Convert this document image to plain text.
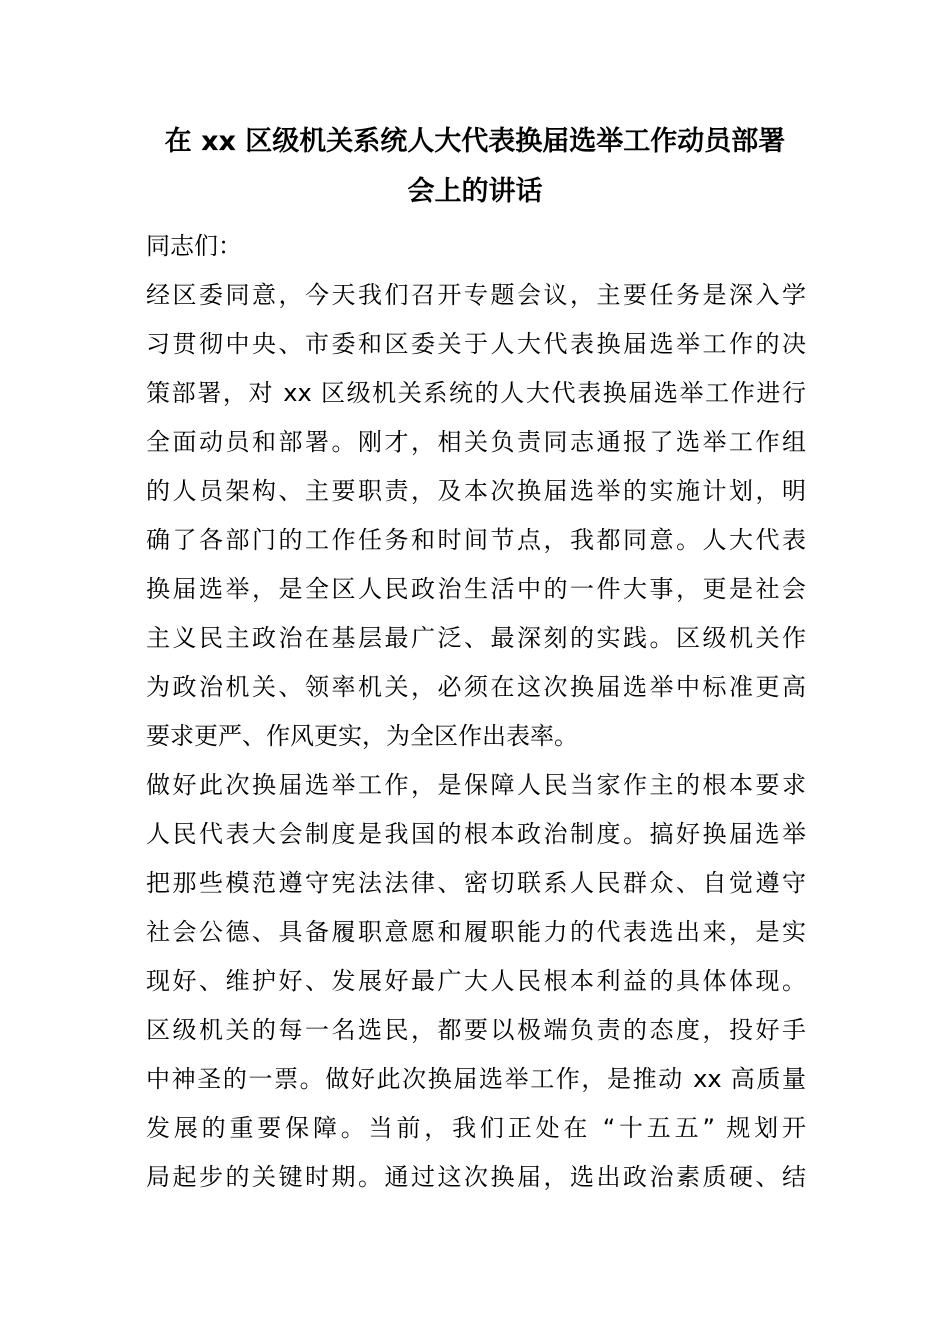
在 xx 区级机关系统人大代表换届选举工作动员部署
会上的讲话
同志们：
经区委同意，今天我们召开专题会议，主要任务是深入学
习贯彻中央、市委和区委关于人大代表换届选举工作的决
策部署，对 xx 区级机关系统的人大代表换届选举工作进行
全面动员和部署。刚才，相关负责同志通报了选举工作组
的人员架构、主要职责，及本次换届选举的实施计划，明
确了各部门的工作任务和时间节点，我都同意。人大代表
换届选举，是全区人民政治生活中的一件大事，更是社会
主义民主政治在基层最广泛、最深刻的实践。区级机关作
为政治机关、领率机关，必须在这次换届选举中标准更高
要求更严、作风更实，为全区作出表率。
做好此次换届选举工作，是保障人民当家作主的根本要求
人民代表大会制度是我国的根本政治制度。搞好换届选举
把那些模范遵守宪法法律、密切联系人民群众、自觉遵守
社会公德、具备履职意愿和履职能力的代表选出来，是实
现好、维护好、发展好最广大人民根本利益的具体体现。
区级机关的每一名选民，都要以极端负责的态度，投好手
中神圣的一票。做好此次换届选举工作，是推动 xx 高质量
发展的重要保障。当前，我们正处在 “十五五” 规划开
局起步的关键时期。通过这次换届，选出政治素质硬、结
